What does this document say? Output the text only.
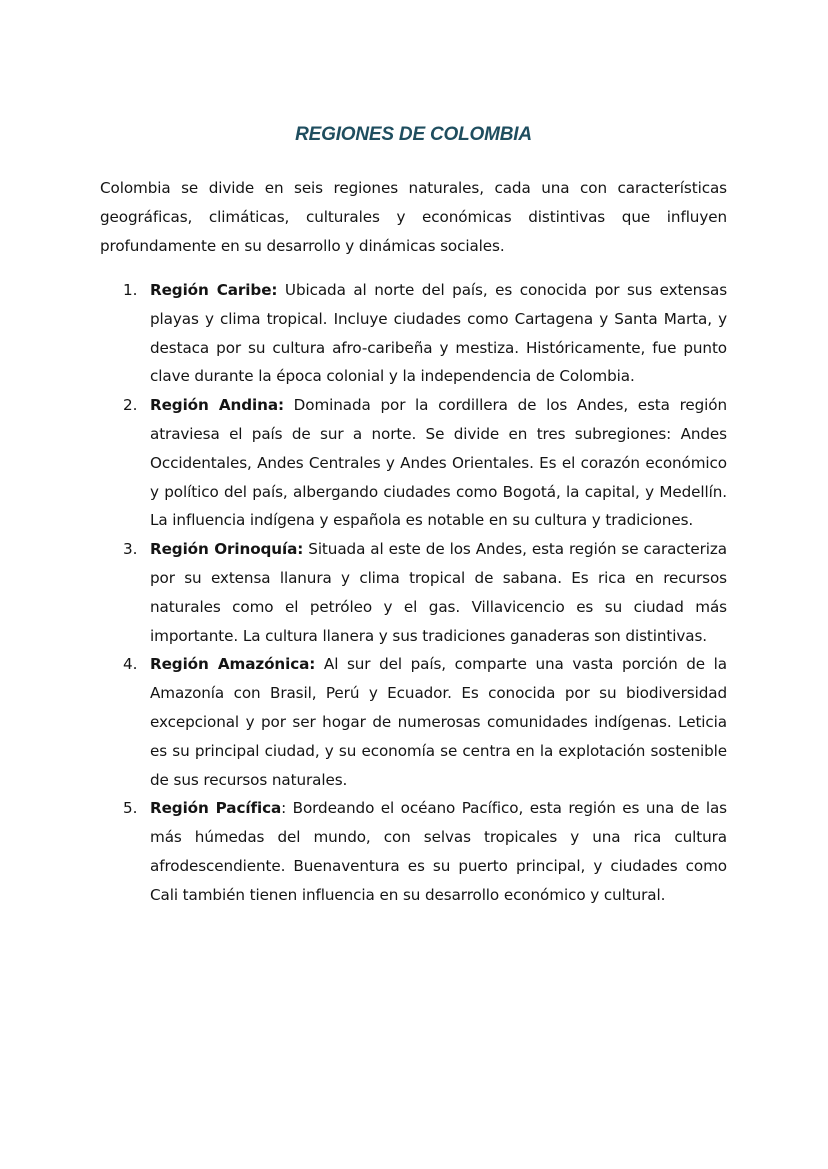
REGIONES DE COLOMBIA

Colombia se divide en seis regiones naturales, cada una con características geográficas, climáticas, culturales y económicas distintivas que influyen profundamente en su desarrollo y dinámicas sociales.

1. Región Caribe: Ubicada al norte del país, es conocida por sus extensas playas y clima tropical. Incluye ciudades como Cartagena y Santa Marta, y destaca por su cultura afro-caribeña y mestiza. Históricamente, fue punto clave durante la época colonial y la independencia de Colombia.
2. Región Andina: Dominada por la cordillera de los Andes, esta región atraviesa el país de sur a norte. Se divide en tres subregiones: Andes Occidentales, Andes Centrales y Andes Orientales. Es el corazón económico y político del país, albergando ciudades como Bogotá, la capital, y Medellín. La influencia indígena y española es notable en su cultura y tradiciones.
3. Región Orinoquía: Situada al este de los Andes, esta región se caracteriza por su extensa llanura y clima tropical de sabana. Es rica en recursos naturales como el petróleo y el gas. Villavicencio es su ciudad más importante. La cultura llanera y sus tradiciones ganaderas son distintivas.
4. Región Amazónica: Al sur del país, comparte una vasta porción de la Amazonía con Brasil, Perú y Ecuador. Es conocida por su biodiversidad excepcional y por ser hogar de numerosas comunidades indígenas. Leticia es su principal ciudad, y su economía se centra en la explotación sostenible de sus recursos naturales.
5. Región Pacífica: Bordeando el océano Pacífico, esta región es una de las más húmedas del mundo, con selvas tropicales y una rica cultura afrodescendiente. Buenaventura es su puerto principal, y ciudades como Cali también tienen influencia en su desarrollo económico y cultural.
